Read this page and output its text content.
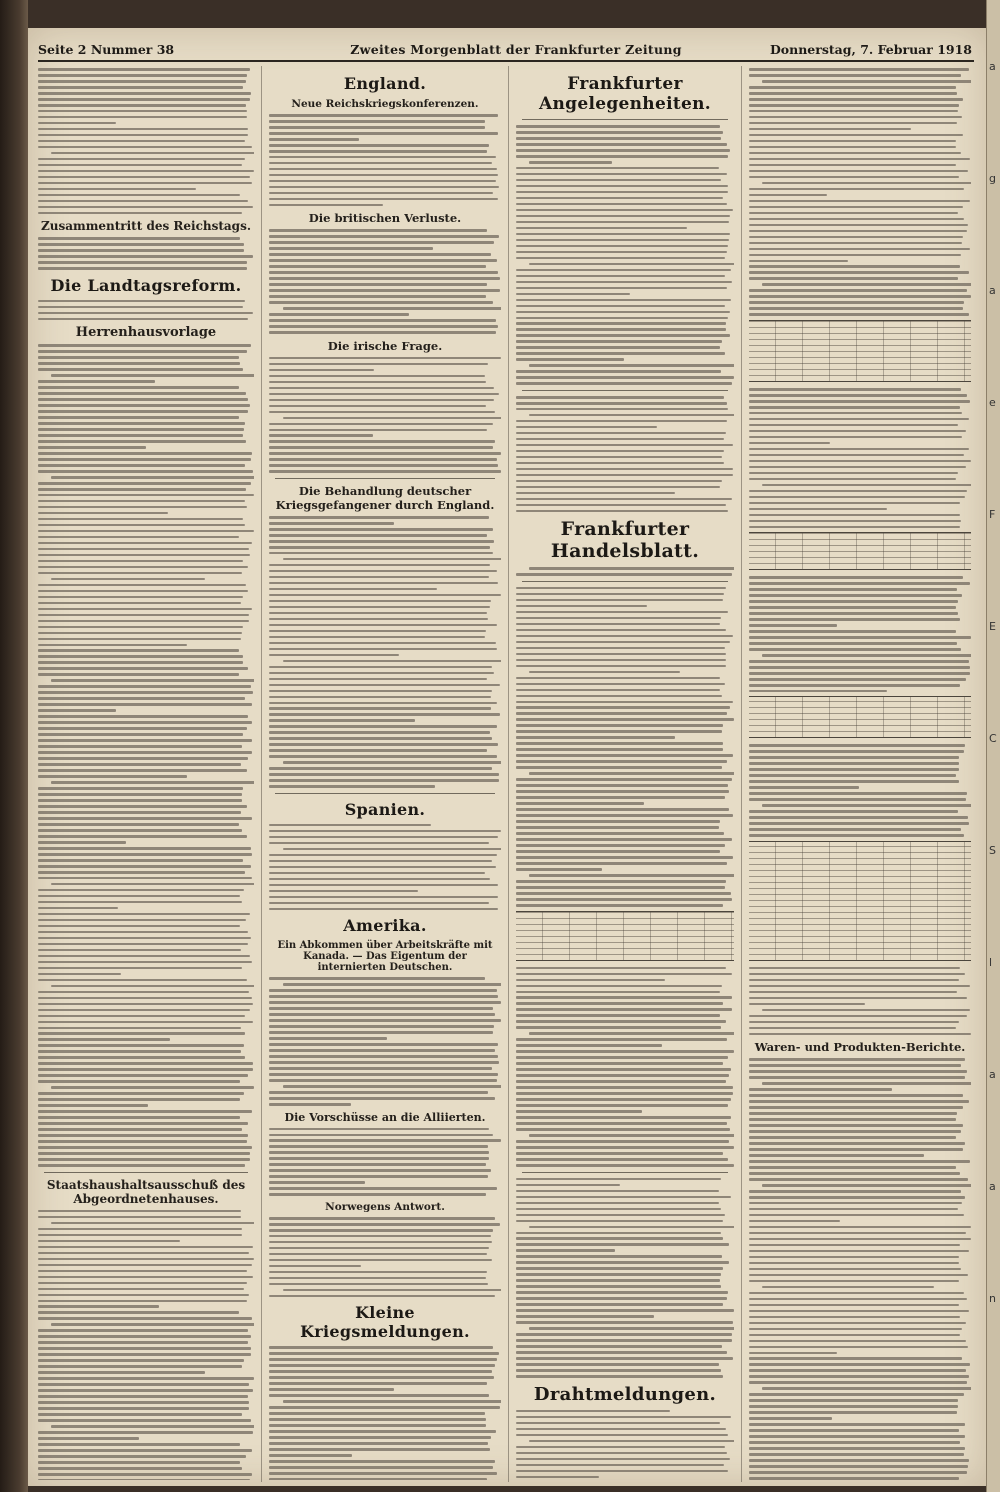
Seite 2 Nummer 38	Zweites Morgenblatt der Frankfurter Zeitung	Donnerstag, 7. Februar 1918
Zusammentritt des Reichstags.
Die Landtagsreform.
Herrenhausvorlage
Staatshaushaltsausschuß des Abgeordnetenhauses.
England.
Neue Reichskriegskonferenzen.
Die britischen Verluste.
Die irische Frage.
Die Behandlung deutscher Kriegsgefangener durch England.
Spanien.
Amerika.
Ein Abkommen über Arbeitskräfte mit Kanada. — Das Eigentum der internierten Deutschen.
Die Vorschüsse an die Alliierten.
Norwegens Antwort.
Kleine Kriegsmeldungen.
Frankfurter Angelegenheiten.
Frankfurter Handelsblatt.
Drahtmeldungen.
Waren- und Produkten-Berichte.
a
g
a
e
F
E
C
S
l
a
a
n
